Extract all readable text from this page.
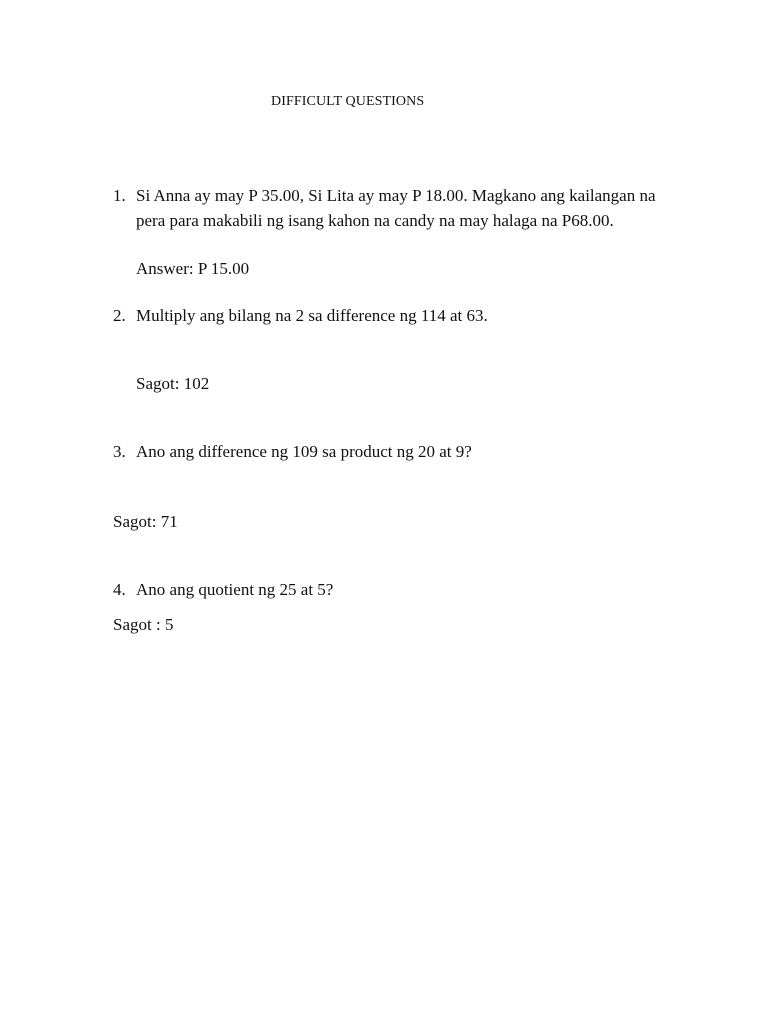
DIFFICULT QUESTIONS
1. Si Anna ay may P 35.00, Si Lita ay may P 18.00. Magkano ang kailangan na
pera para makabili ng isang kahon na candy na may halaga na P68.00.
Answer: P 15.00
2. Multiply ang bilang na 2 sa difference ng 114 at 63.
Sagot: 102
3. Ano ang difference ng 109 sa product ng 20 at 9?
Sagot: 71
4. Ano ang quotient ng 25 at 5?
Sagot : 5
